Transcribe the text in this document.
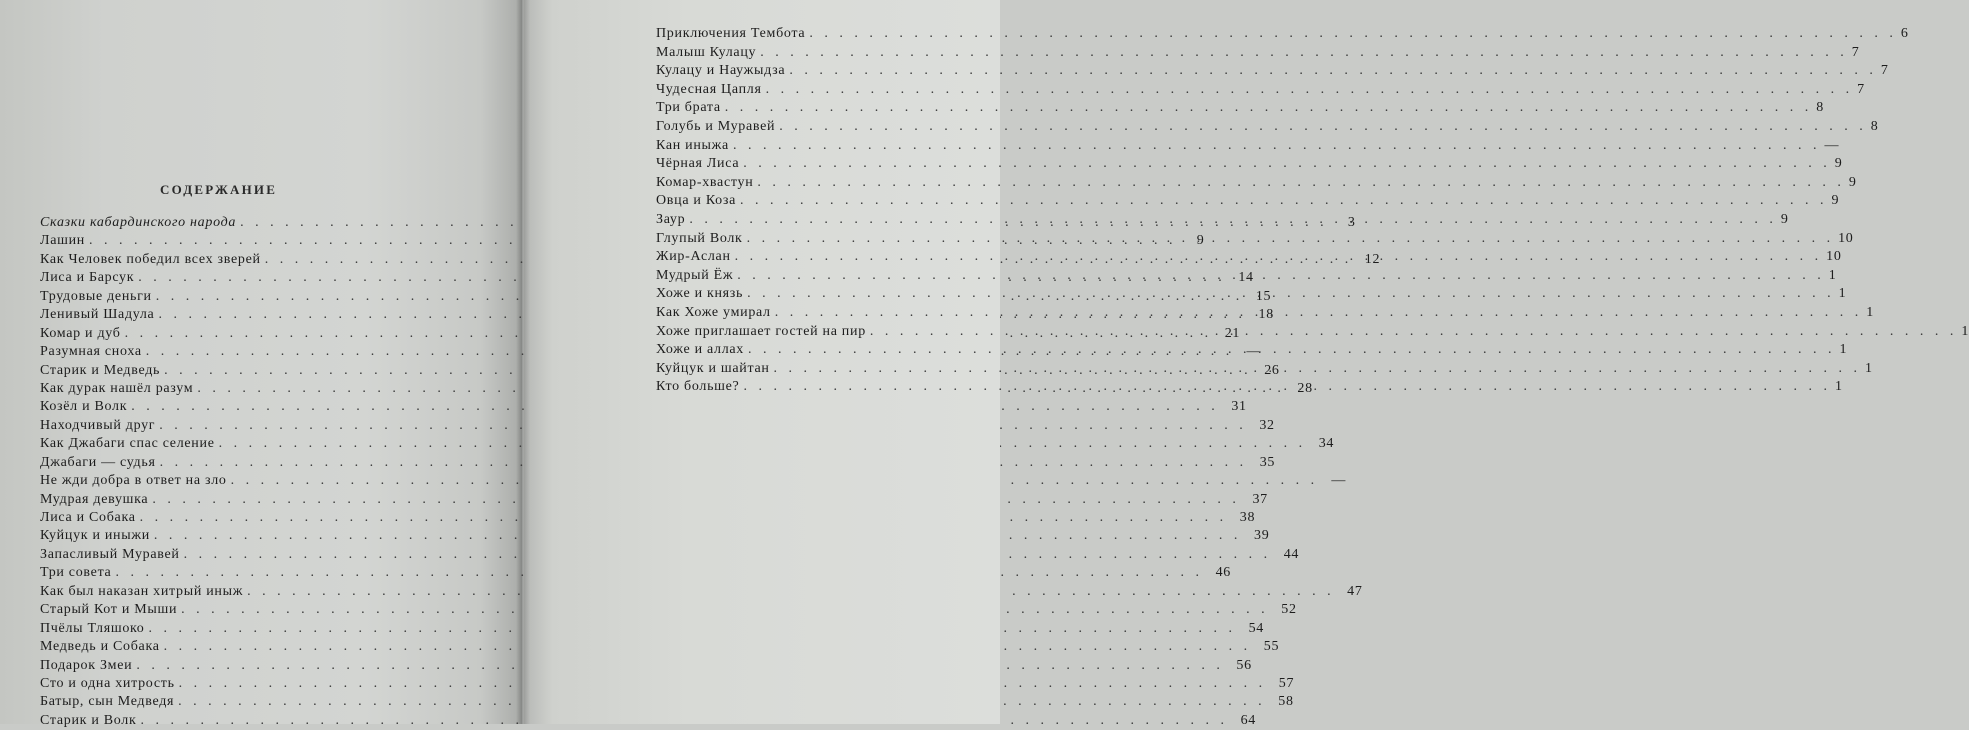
СОДЕРЖАНИЕ
Сказки кабардинского народа . . .	3
Лашин . . .	9
Как Человек победил всех зверей . . .	12
Лиса и Барсук . . .	14
Трудовые деньги . . .	15
Ленивый Шадула . . .	18
Комар и дуб . . .	21
Разумная сноха . . .	—
Старик и Медведь . . .	26
Как дурак нашёл разум . . .	28
Козёл и Волк . . .	31
Находчивый друг . . .	32
Как Джабаги спас селение . . .	34
Джабаги — судья . . .	35
Не жди добра в ответ на зло . . .	—
Мудрая девушка . . .	37
Лиса и Собака . . .	38
Куйцук и иныжи . . .	39
Запасливый Муравей . . .	44
Три совета . . .	46
Как был наказан хитрый иныж . . .	47
Старый Кот и Мыши . . .	52
Пчёлы Тляшоко . . .	54
Медведь и Собака . . .	55
Подарок Змеи . . .	56
Сто и одна хитрость . . .	57
Батыр, сын Медведя . . .	58
Старик и Волк . . .	64
Приключения Тембота . . .	6
Малыш Кулацу . . .	7
Кулацу и Наужыдза . . .	7
Чудесная Цапля . . .	7
Три брата . . .	8
Голубь и Муравей . . .	8
Кан иныжа . . .	—
Чёрная Лиса . . .	9
Комар-хвастун . . .	9
Овца и Коза . . .	9
Заур . . .	9
Глупый Волк . . .	10
Жир-Аслан . . .	10
Мудрый Ёж . . .	1
Хоже и князь . . .	1
Как Хоже умирал . . .	1
Хоже приглашает гостей на пир . . .	1
Хоже и аллах . . .	1
Куйцук и шайтан . . .	1
Кто больше? . . .	1
